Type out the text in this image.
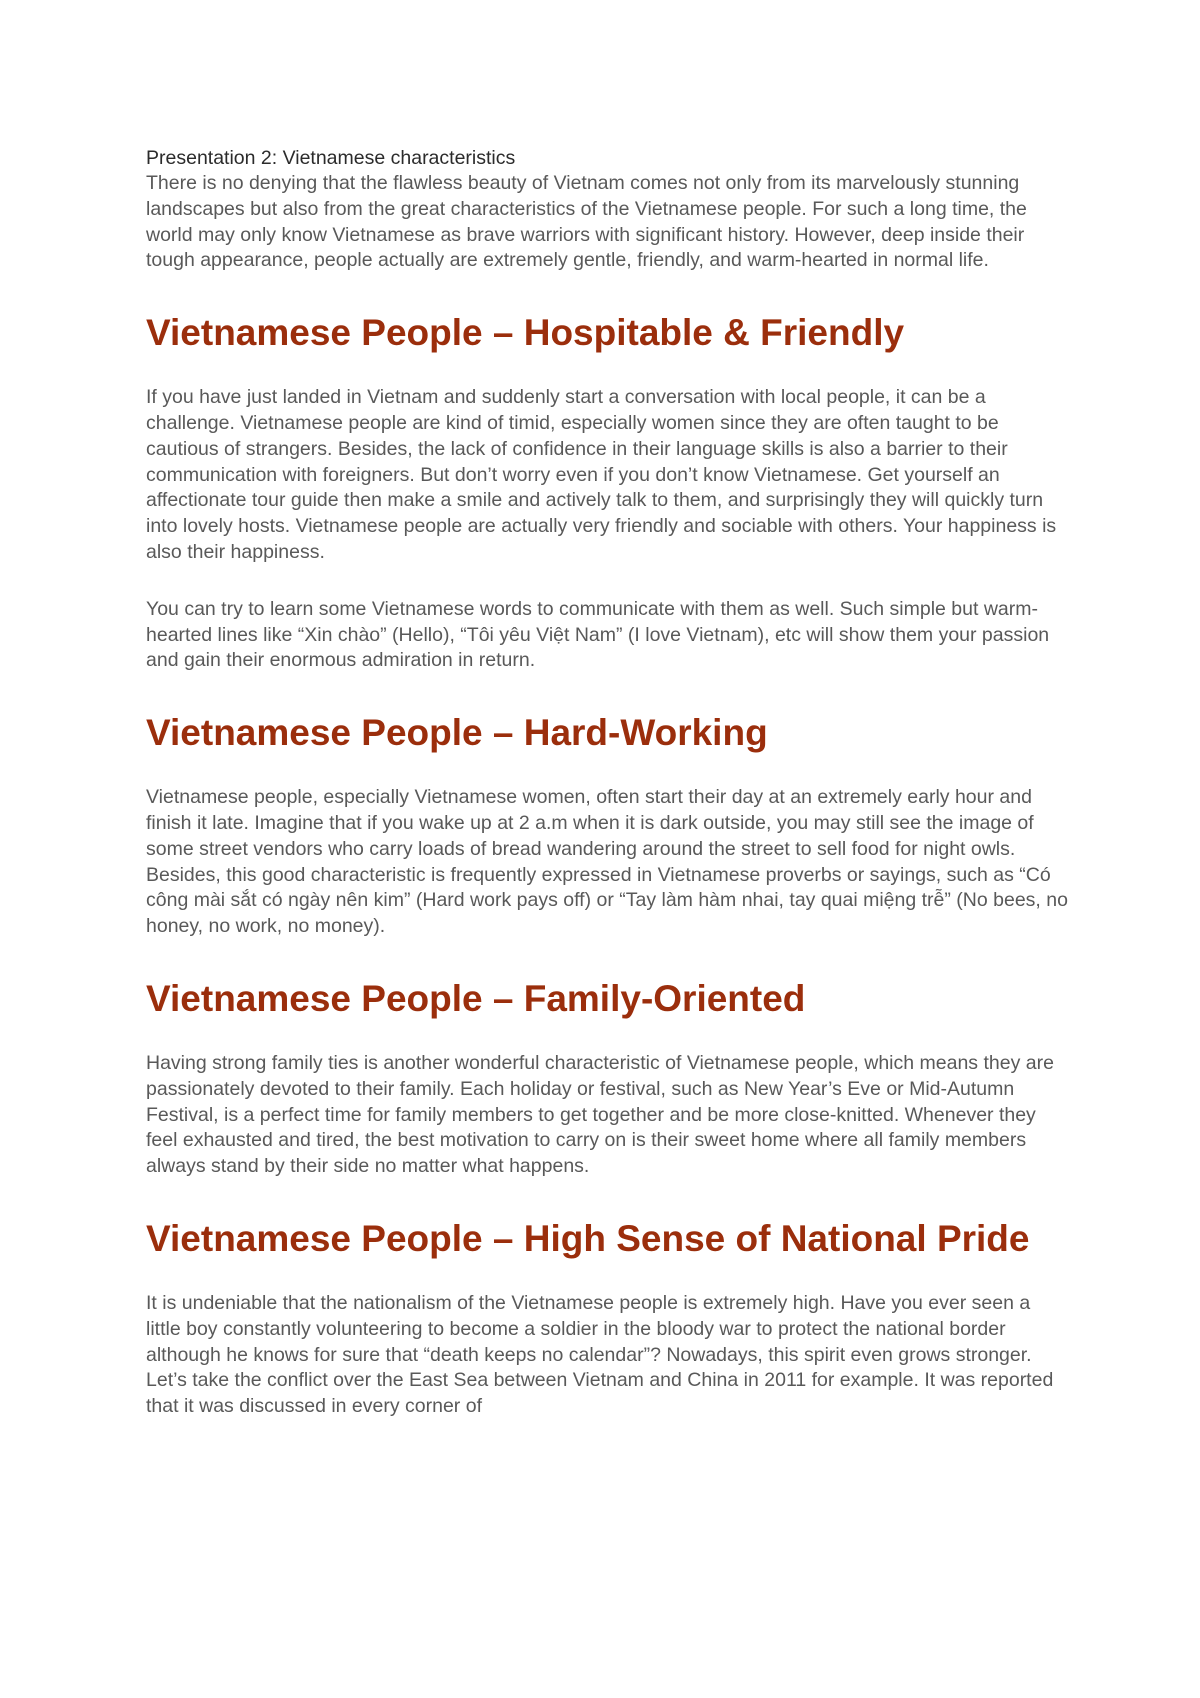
Presentation 2: Vietnamese characteristics

There is no denying that the flawless beauty of Vietnam comes not only from its marvelously stunning landscapes but also from the great characteristics of the Vietnamese people. For such a long time, the world may only know Vietnamese as brave warriors with significant history. However, deep inside their tough appearance, people actually are extremely gentle, friendly, and warm-hearted in normal life.

Vietnamese People – Hospitable & Friendly

If you have just landed in Vietnam and suddenly start a conversation with local people, it can be a challenge. Vietnamese people are kind of timid, especially women since they are often taught to be cautious of strangers. Besides, the lack of confidence in their language skills is also a barrier to their communication with foreigners. But don’t worry even if you don’t know Vietnamese. Get yourself an affectionate tour guide then make a smile and actively talk to them, and surprisingly they will quickly turn into lovely hosts. Vietnamese people are actually very friendly and sociable with others. Your happiness is also their happiness.

You can try to learn some Vietnamese words to communicate with them as well. Such simple but warm-hearted lines like “Xin chào” (Hello), “Tôi yêu Việt Nam” (I love Vietnam), etc will show them your passion and gain their enormous admiration in return.

Vietnamese People – Hard-Working

Vietnamese people, especially Vietnamese women, often start their day at an extremely early hour and finish it late. Imagine that if you wake up at 2 a.m when it is dark outside, you may still see the image of some street vendors who carry loads of bread wandering around the street to sell food for night owls. Besides, this good characteristic is frequently expressed in Vietnamese proverbs or sayings, such as “Có công mài sắt có ngày nên kim” (Hard work pays off) or “Tay làm hàm nhai, tay quai miệng trễ” (No bees, no honey, no work, no money).

Vietnamese People – Family-Oriented

Having strong family ties is another wonderful characteristic of Vietnamese people, which means they are passionately devoted to their family. Each holiday or festival, such as New Year’s Eve or Mid-Autumn Festival, is a perfect time for family members to get together and be more close-knitted. Whenever they feel exhausted and tired, the best motivation to carry on is their sweet home where all family members always stand by their side no matter what happens.

Vietnamese People – High Sense of National Pride

It is undeniable that the nationalism of the Vietnamese people is extremely high. Have you ever seen a little boy constantly volunteering to become a soldier in the bloody war to protect the national border although he knows for sure that “death keeps no calendar”? Nowadays, this spirit even grows stronger. Let’s take the conflict over the East Sea between Vietnam and China in 2011 for example. It was reported that it was discussed in every corner of
